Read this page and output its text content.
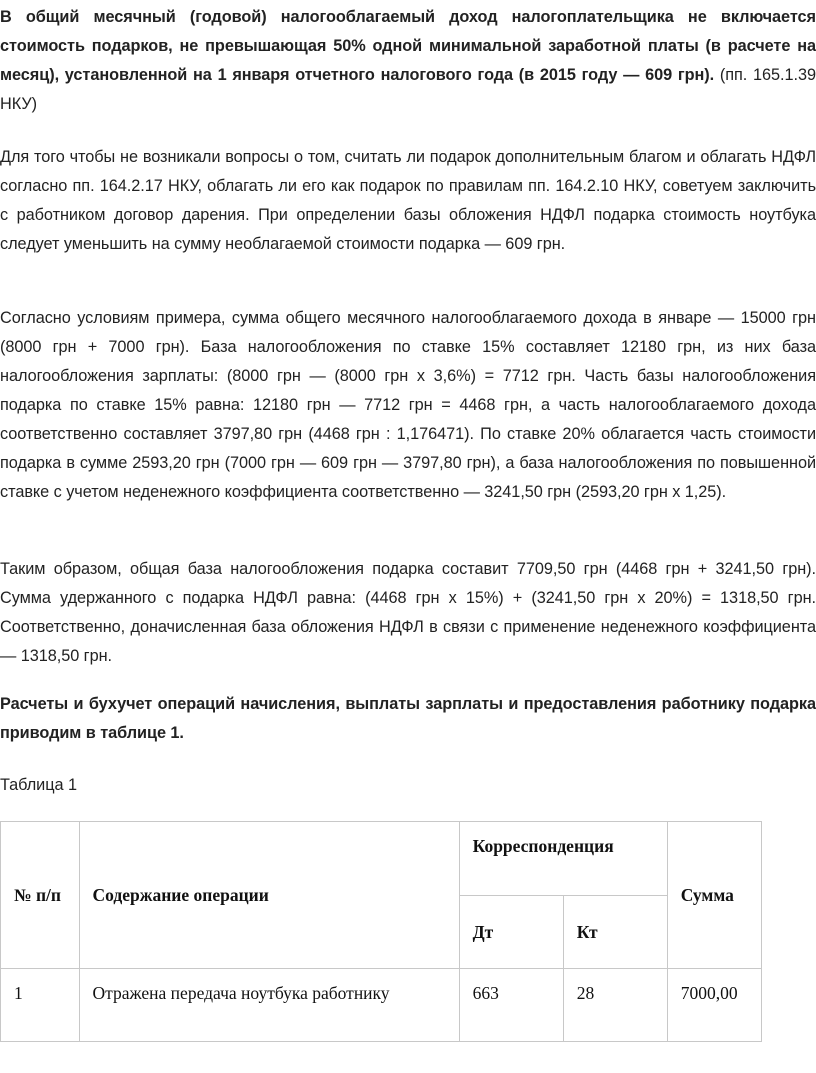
В общий месячный (годовой) налогооблагаемый доход налогоплательщика не включается стоимость подарков, не превышающая 50% одной минимальной заработной платы (в расчете на месяц), установленной на 1 января отчетного налогового года (в 2015 году — 609 грн). (пп. 165.1.39 НКУ)

Для того чтобы не возникали вопросы о том, считать ли подарок дополнительным благом и облагать НДФЛ согласно пп. 164.2.17 НКУ, облагать ли его как подарок по правилам пп. 164.2.10 НКУ, советуем заключить с работником договор дарения. При определении базы обложения НДФЛ подарка стоимость ноутбука следует уменьшить на сумму необлагаемой стоимости подарка — 609 грн.

Согласно условиям примера, сумма общего месячного налогооблагаемого дохода в январе — 15000 грн (8000 грн + 7000 грн). База налогообложения по ставке 15% составляет 12180 грн, из них база налогообложения зарплаты: (8000 грн — (8000 грн х 3,6%) = 7712 грн. Часть базы налогообложения подарка по ставке 15% равна: 12180 грн — 7712 грн = 4468 грн, а часть налогооблагаемого дохода соответственно составляет 3797,80 грн (4468 грн : 1,176471). По ставке 20% облагается часть стоимости подарка в сумме 2593,20 грн (7000 грн — 609 грн — 3797,80 грн), а база налогообложения по повышенной ставке с учетом неденежного коэффициента соответственно — 3241,50 грн (2593,20 грн х 1,25).

Таким образом, общая база налогообложения подарка составит 7709,50 грн (4468 грн + 3241,50 грн). Сумма удержанного с подарка НДФЛ равна: (4468 грн х 15%) + (3241,50 грн х 20%) = 1318,50 грн. Соответственно, доначисленная база обложения НДФЛ в связи с применение неденежного коэффициента — 1318,50 грн.

Расчеты и бухучет операций начисления, выплаты зарплаты и предоставления работнику подарка приводим в таблице 1.

Таблица 1

№ п/п	Содержание операции	Корреспонденция		Сумма
		Дт	Кт	
1	Отражена передача ноутбука работнику	663	28	7000,00
